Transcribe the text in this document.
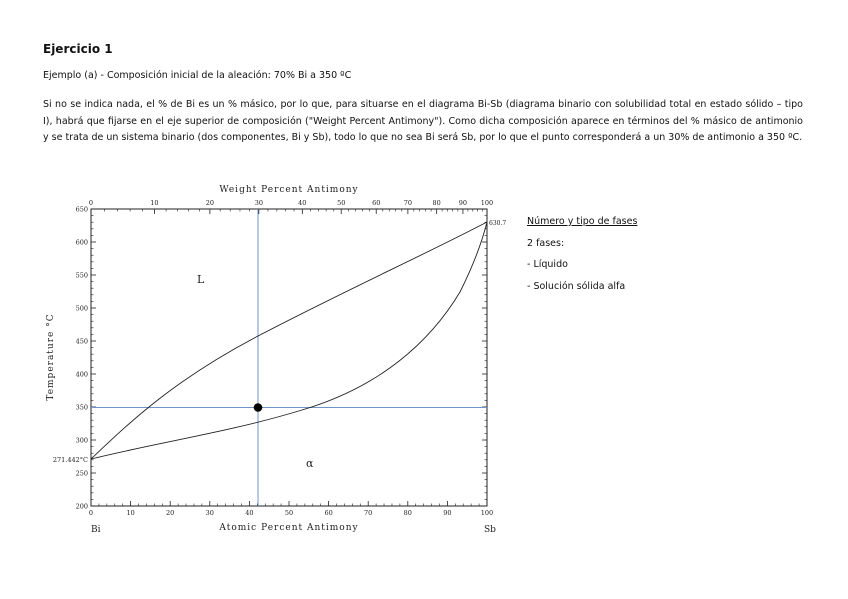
Ejercicio 1
Ejemplo (a) - Composición inicial de la aleación: 70% Bi a 350 ºC
Si no se indica nada, el % de Bi es un % másico, por lo que, para situarse en el diagrama Bi-Sb (diagrama binario con solubilidad total en estado sólido – tipo I), habrá que fijarse en el eje superior de composición ("Weight Percent Antimony"). Como dicha composición aparece en términos del % másico de antimonio y se trata de un sistema binario (dos componentes, Bi y Sb), todo lo que no sea Bi será Sb, por lo que el punto corresponderá a un 30% de antimonio a 350 ºC.
650
600
550
500
450
400
350
300
250
200
0	10	20	30	40	50	60	70	80	90	100
0	10	20	30	40	50	60	70	80	90 100
L
α
Weight Percent Antimony
Atomic Percent Antimony
Temperature °C
Bi	Sb
271.442°C
630.7 Número y tipo de fases
2 fases:
- Líquido
- Solución sólida alfa
